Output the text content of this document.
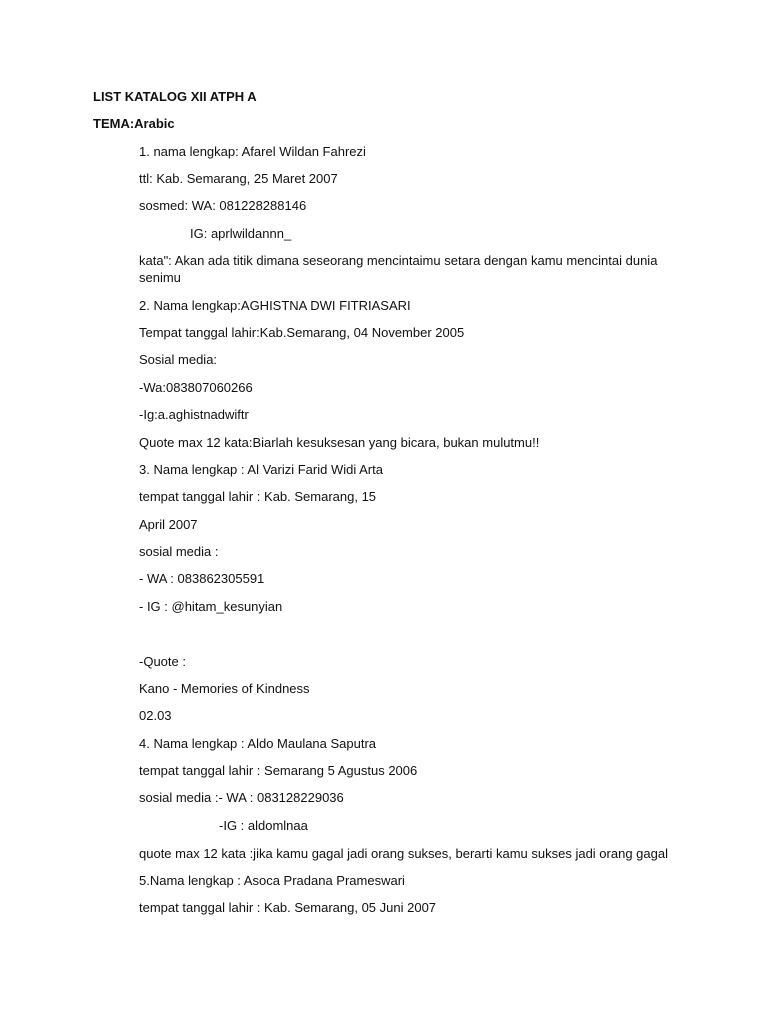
LIST KATALOG XII ATPH A
TEMA:Arabic
1. nama lengkap: Afarel Wildan Fahrezi
ttl: Kab. Semarang, 25 Maret 2007
sosmed: WA: 081228288146
IG: aprlwildannn_
kata": Akan ada titik dimana seseorang mencintaimu setara dengan kamu mencintai dunia senimu
2. Nama lengkap:AGHISTNA DWI FITRIASARI
Tempat tanggal lahir:Kab.Semarang, 04 November 2005
Sosial media:
-Wa:083807060266
-Ig:a.aghistnadwiftr
Quote max 12 kata:Biarlah kesuksesan yang bicara, bukan mulutmu!!
3. Nama lengkap : Al Varizi Farid Widi Arta
tempat tanggal lahir : Kab. Semarang, 15
April 2007
sosial media :
- WA : 083862305591
- IG : @hitam_kesunyian
-Quote :
Kano - Memories of Kindness
02.03
4. Nama lengkap : Aldo Maulana Saputra
tempat tanggal lahir : Semarang 5 Agustus 2006
sosial media :- WA : 083128229036
-IG : aldomlnaa
quote max 12 kata :jika kamu gagal jadi orang sukses, berarti kamu sukses jadi orang gagal
5.Nama lengkap : Asoca Pradana Prameswari
tempat tanggal lahir : Kab. Semarang, 05 Juni 2007
